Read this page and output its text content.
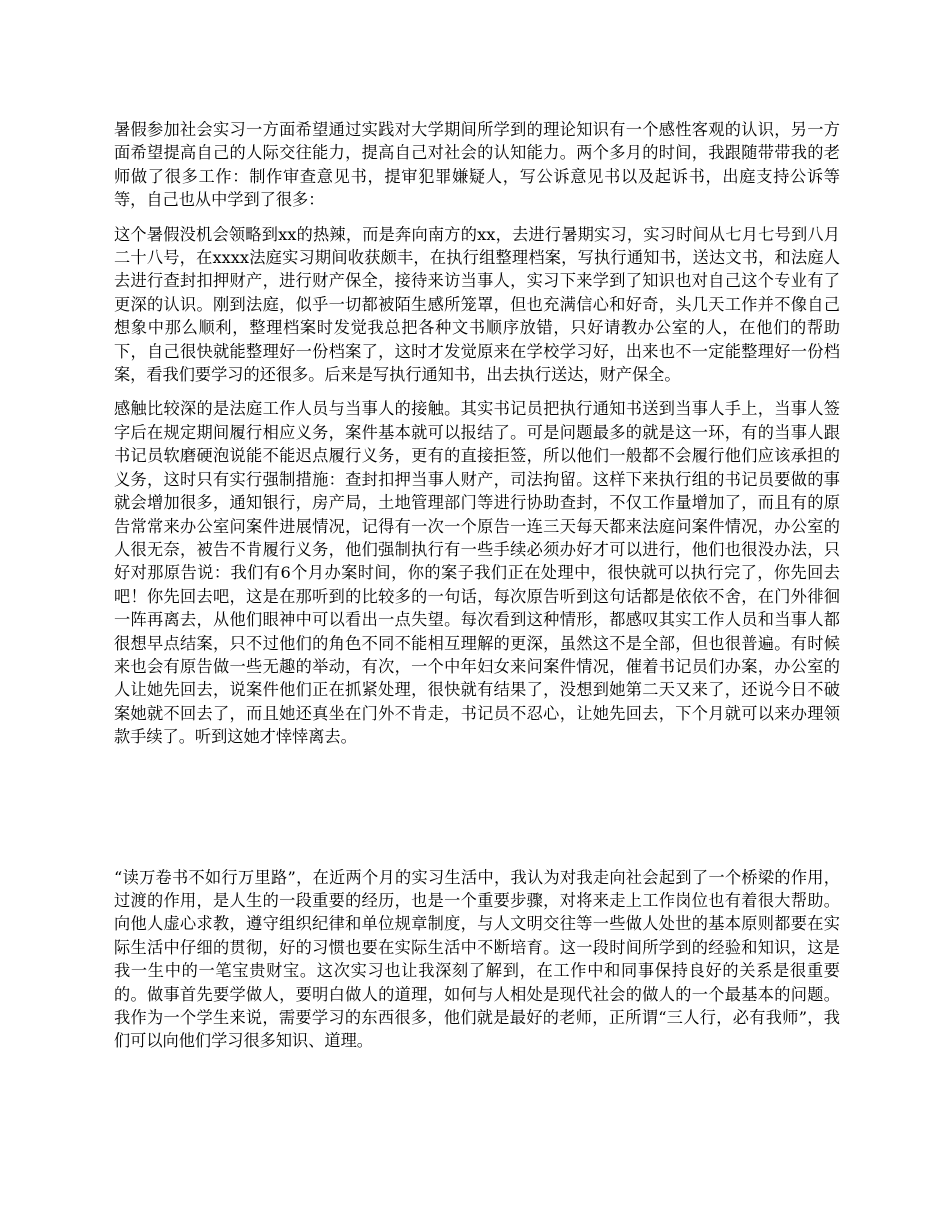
暑假参加社会实习一方面希望通过实践对大学期间所学到的理论知识有一个感性客观的认识，另一方面希望提高自己的人际交往能力，提高自己对社会的认知能力。两个多月的时间，我跟随带带我的老师做了很多工作：制作审查意见书，提审犯罪嫌疑人，写公诉意见书以及起诉书，出庭支持公诉等等，自己也从中学到了很多：

这个暑假没机会领略到xx的热辣，而是奔向南方的xx，去进行暑期实习，实习时间从七月七号到八月二十八号，在xxxx法庭实习期间收获颇丰，在执行组整理档案，写执行通知书，送达文书，和法庭人去进行查封扣押财产，进行财产保全，接待来访当事人，实习下来学到了知识也对自己这个专业有了更深的认识。刚到法庭，似乎一切都被陌生感所笼罩，但也充满信心和好奇，头几天工作并不像自己想象中那么顺利，整理档案时发觉我总把各种文书顺序放错，只好请教办公室的人，在他们的帮助下，自己很快就能整理好一份档案了，这时才发觉原来在学校学习好，出来也不一定能整理好一份档案，看我们要学习的还很多。后来是写执行通知书，出去执行送达，财产保全。

感触比较深的是法庭工作人员与当事人的接触。其实书记员把执行通知书送到当事人手上，当事人签字后在规定期间履行相应义务，案件基本就可以报结了。可是问题最多的就是这一环，有的当事人跟书记员软磨硬泡说能不能迟点履行义务，更有的直接拒签，所以他们一般都不会履行他们应该承担的义务，这时只有实行强制措施：查封扣押当事人财产，司法拘留。这样下来执行组的书记员要做的事就会增加很多，通知银行，房产局，土地管理部门等进行协助查封，不仅工作量增加了，而且有的原告常常来办公室问案件进展情况，记得有一次一个原告一连三天每天都来法庭问案件情况，办公室的人很无奈，被告不肯履行义务，他们强制执行有一些手续必须办好才可以进行，他们也很没办法，只好对那原告说：我们有6个月办案时间，你的案子我们正在处理中，很快就可以执行完了，你先回去吧！你先回去吧，这是在那听到的比较多的一句话，每次原告听到这句话都是依依不舍，在门外徘徊一阵再离去，从他们眼神中可以看出一点失望。每次看到这种情形，都感叹其实工作人员和当事人都很想早点结案，只不过他们的角色不同不能相互理解的更深，虽然这不是全部，但也很普遍。有时候来也会有原告做一些无趣的举动，有次，一个中年妇女来问案件情况，催着书记员们办案，办公室的人让她先回去，说案件他们正在抓紧处理，很快就有结果了，没想到她第二天又来了，还说今日不破案她就不回去了，而且她还真坐在门外不肯走，书记员不忍心，让她先回去，下个月就可以来办理领款手续了。听到这她才悻悻离去。

“读万卷书不如行万里路”，在近两个月的实习生活中，我认为对我走向社会起到了一个桥梁的作用，过渡的作用，是人生的一段重要的经历，也是一个重要步骤，对将来走上工作岗位也有着很大帮助。向他人虚心求教，遵守组织纪律和单位规章制度，与人文明交往等一些做人处世的基本原则都要在实际生活中仔细的贯彻，好的习惯也要在实际生活中不断培育。这一段时间所学到的经验和知识，这是我一生中的一笔宝贵财宝。这次实习也让我深刻了解到，在工作中和同事保持良好的关系是很重要的。做事首先要学做人，要明白做人的道理，如何与人相处是现代社会的做人的一个最基本的问题。我作为一个学生来说，需要学习的东西很多，他们就是最好的老师，正所谓“三人行，必有我师”，我们可以向他们学习很多知识、道理。
